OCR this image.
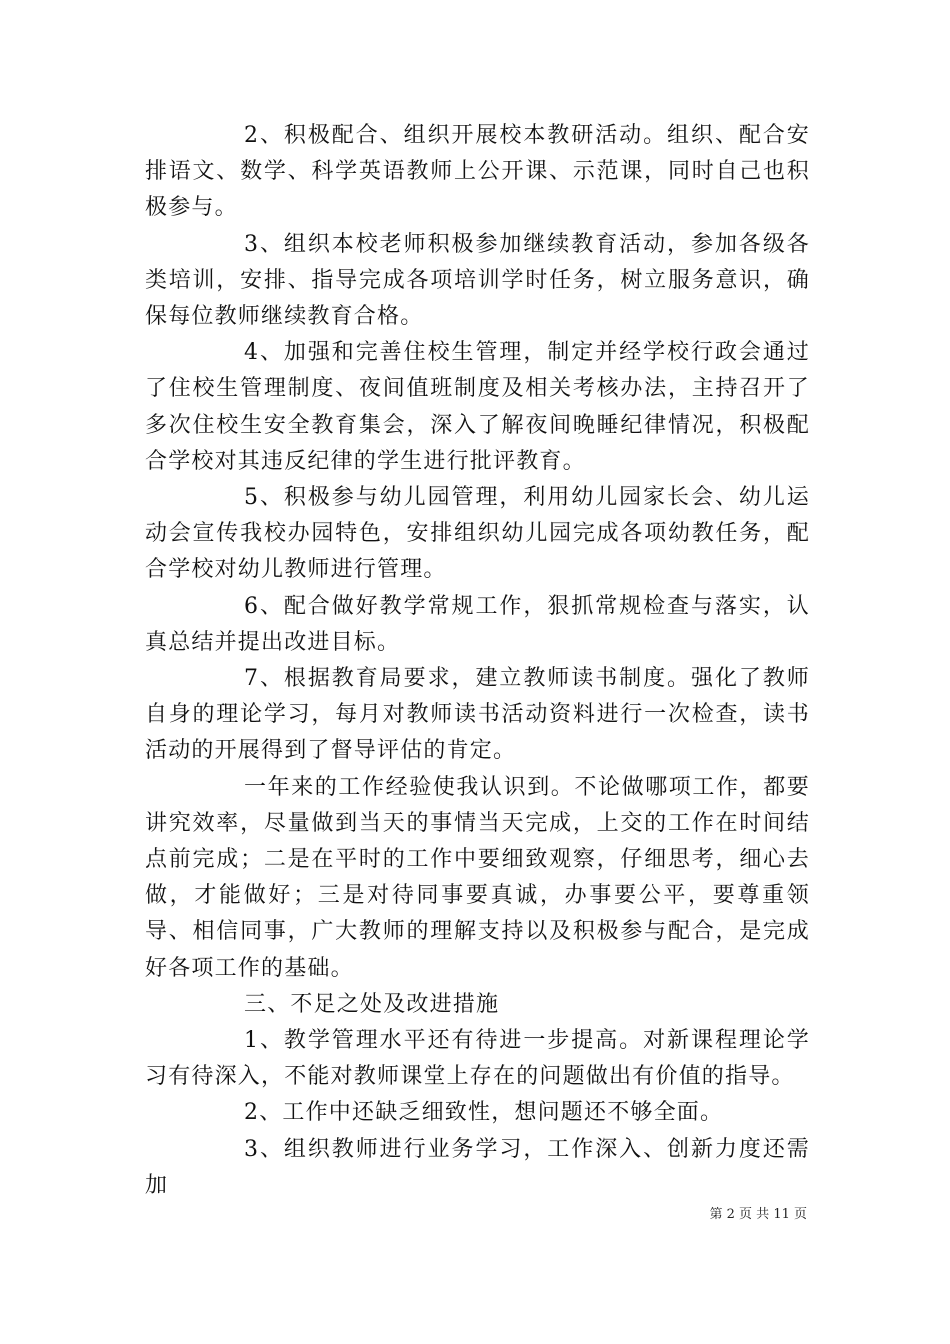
2、积极配合、组织开展校本教研活动。组织、配合安排语文、数学、科学英语教师上公开课、示范课，同时自己也积极参与。

3、组织本校老师积极参加继续教育活动，参加各级各类培训，安排、指导完成各项培训学时任务，树立服务意识，确保每位教师继续教育合格。

4、加强和完善住校生管理，制定并经学校行政会通过了住校生管理制度、夜间值班制度及相关考核办法，主持召开了多次住校生安全教育集会，深入了解夜间晚睡纪律情况，积极配合学校对其违反纪律的学生进行批评教育。

5、积极参与幼儿园管理，利用幼儿园家长会、幼儿运动会宣传我校办园特色，安排组织幼儿园完成各项幼教任务，配合学校对幼儿教师进行管理。

6、配合做好教学常规工作，狠抓常规检查与落实，认真总结并提出改进目标。

7、根据教育局要求，建立教师读书制度。强化了教师自身的理论学习，每月对教师读书活动资料进行一次检查，读书活动的开展得到了督导评估的肯定。

一年来的工作经验使我认识到。不论做哪项工作，都要讲究效率，尽量做到当天的事情当天完成，上交的工作在时间结点前完成；二是在平时的工作中要细致观察，仔细思考，细心去做，才能做好；三是对待同事要真诚，办事要公平，要尊重领导、相信同事，广大教师的理解支持以及积极参与配合，是完成好各项工作的基础。

三、不足之处及改进措施

1、教学管理水平还有待进一步提高。对新课程理论学习有待深入，不能对教师课堂上存在的问题做出有价值的指导。

2、工作中还缺乏细致性，想问题还不够全面。

3、组织教师进行业务学习，工作深入、创新力度还需加

第 2 页 共 11 页
